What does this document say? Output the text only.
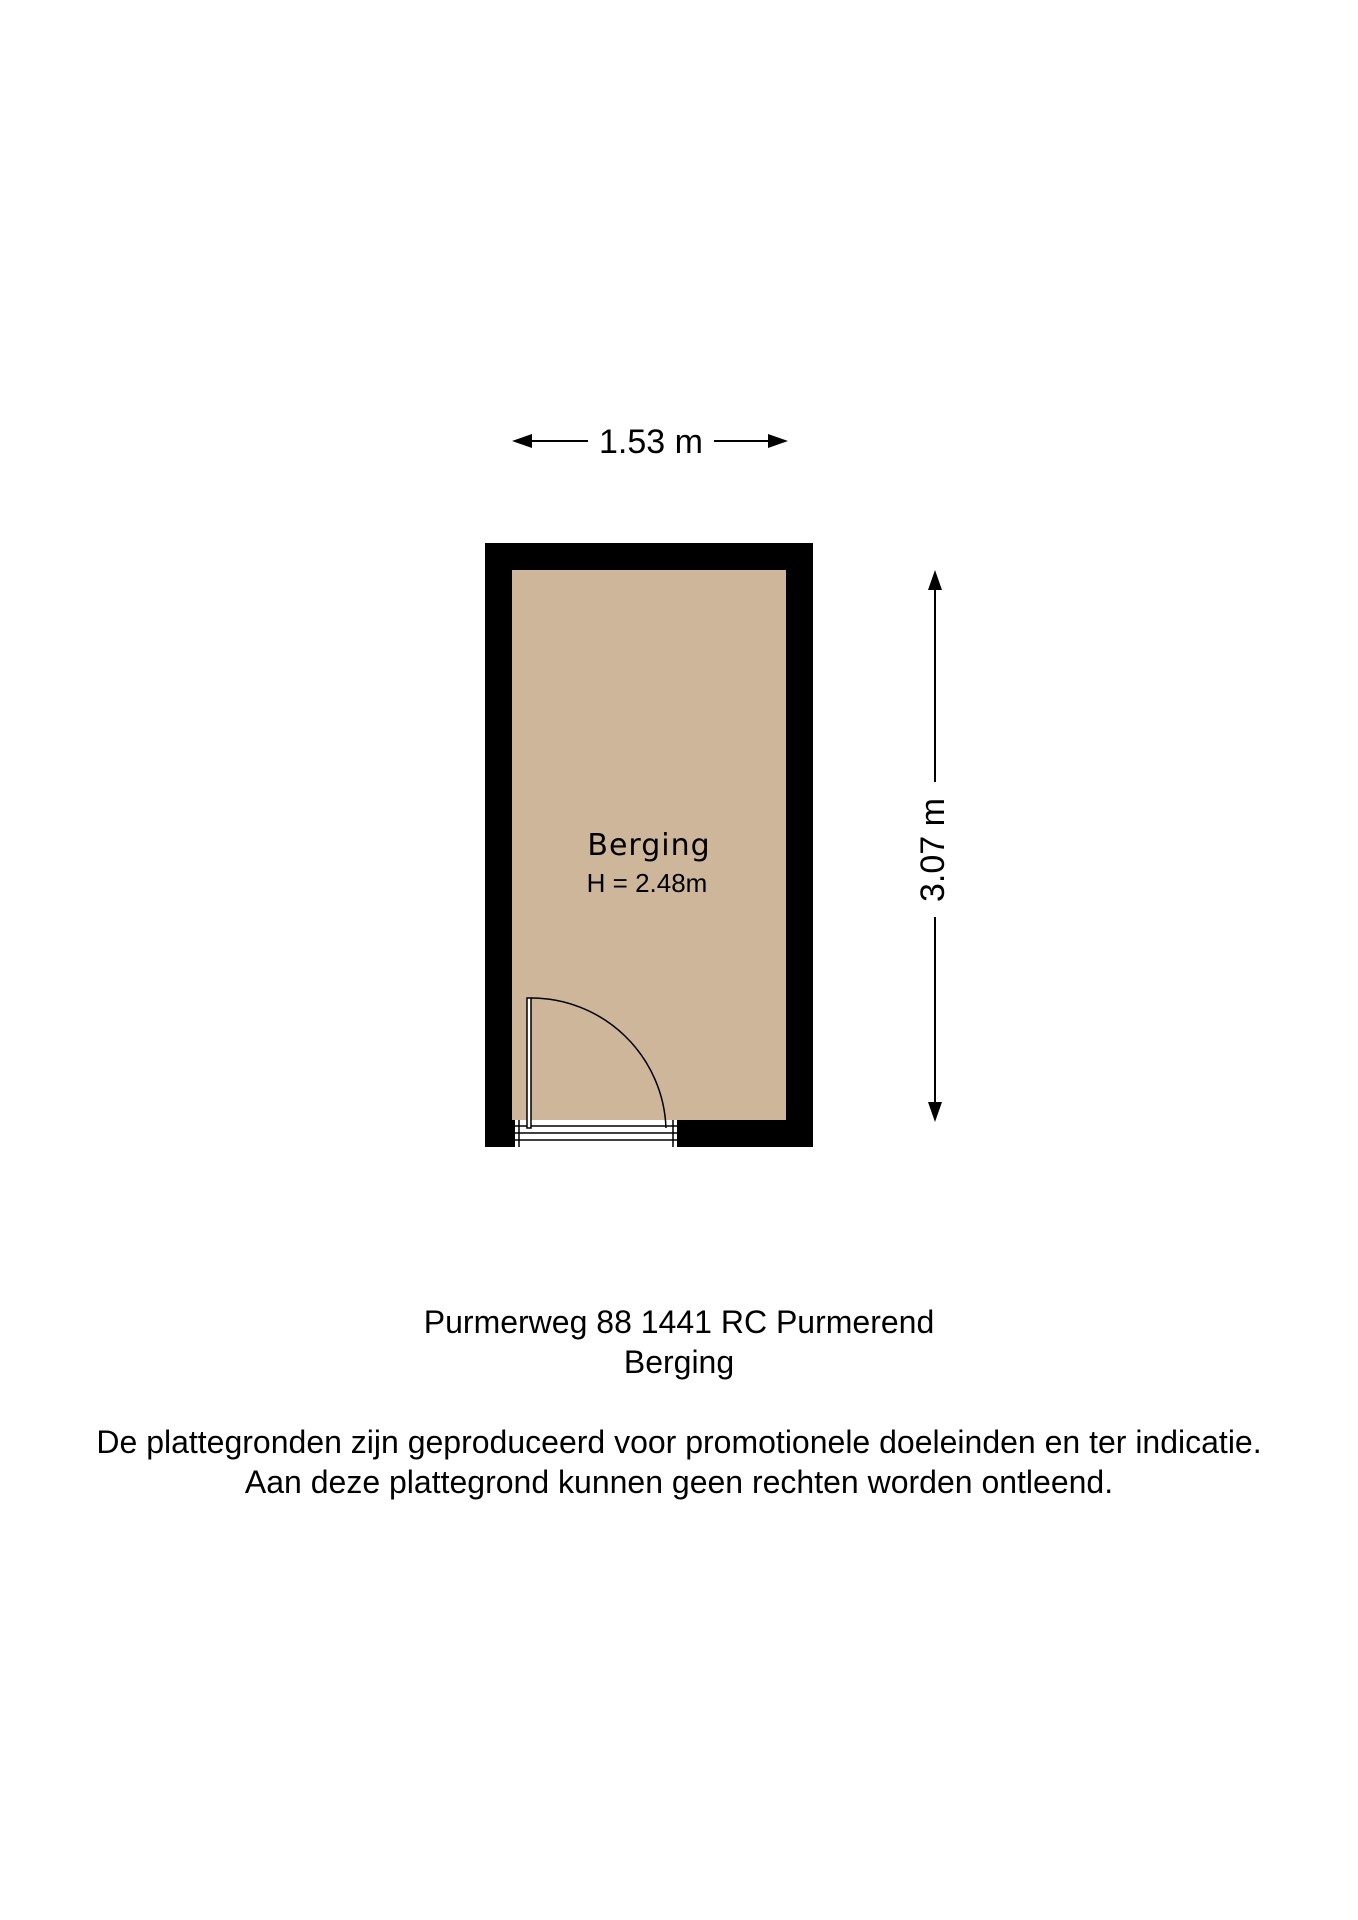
1.53 m
3.07 m
Berging
H = 2.48m

Purmerweg 88 1441 RC Purmerend

Berging

De plattegronden zijn geproduceerd voor promotionele doeleinden en ter indicatie.

Aan deze plattegrond kunnen geen rechten worden ontleend.
